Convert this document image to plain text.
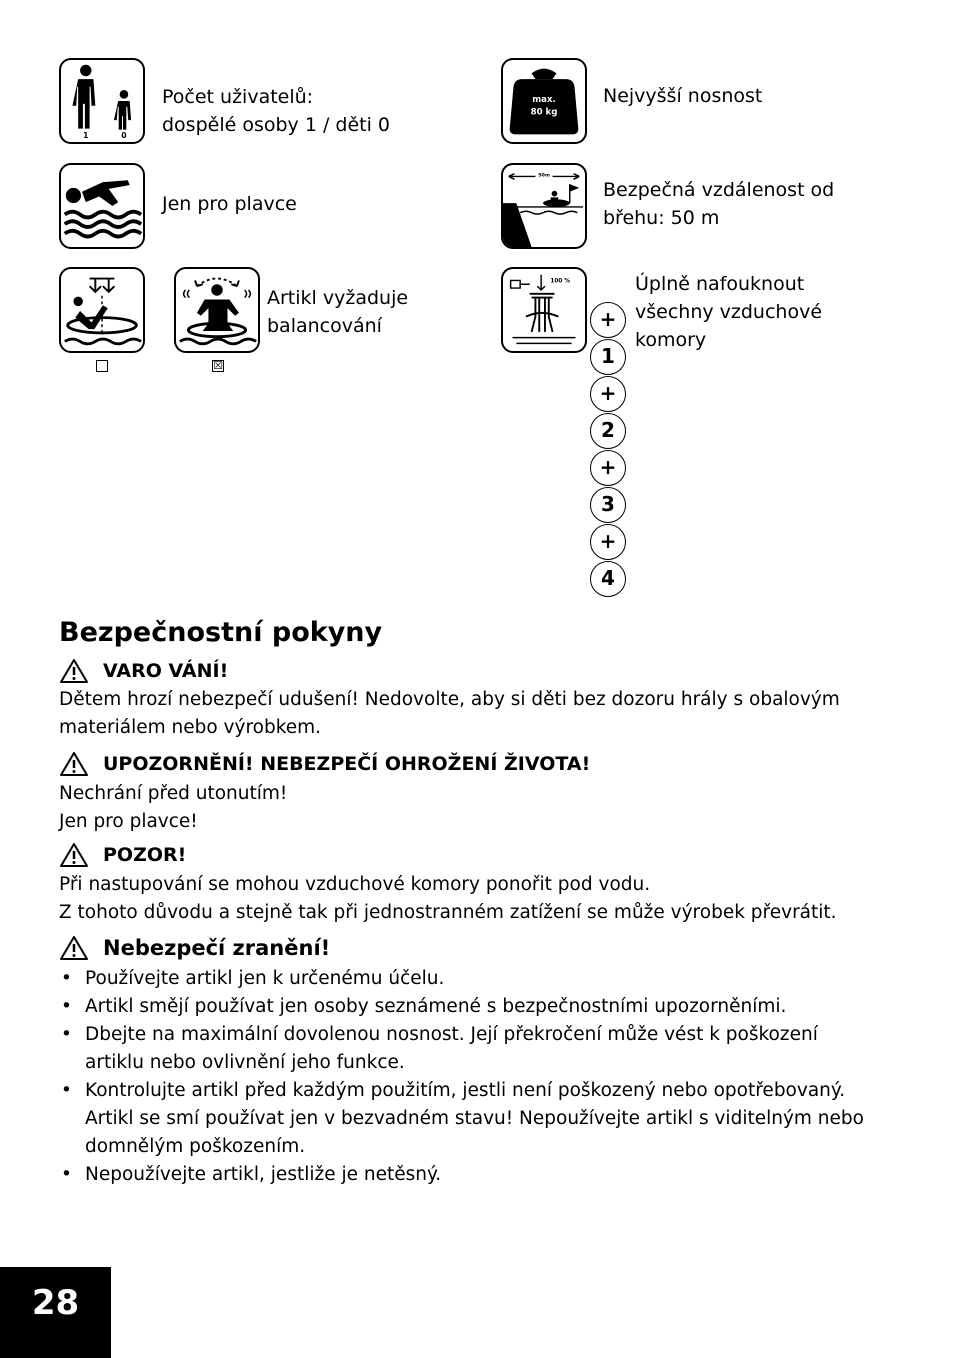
1	0
Počet uživatelů:
dospělé osoby 1 / děti 0
Jen pro plavce
☒
Artikl vyžaduje
balancování
max.
80 kg
Nejvyšší nosnost
50m
Bezpečná vzdálenost od
břehu: 50 m
100 %	Úplně nafouknout
všechny vzduchové
komory
+
1
+
2
+
3
+
4
Bezpečnostní pokyny
VARO VÁNÍ!
Dětem hrozí nebezpečí udušení! Nedovolte, aby si děti bez dozoru hrály s obalovým
materiálem nebo výrobkem.
UPOZORNĚNÍ! NEBEZPEČÍ OHROŽENÍ ŽIVOTA!
Nechrání před utonutím!
Jen pro plavce!
POZOR!
Při nastupování se mohou vzduchové komory ponořit pod vodu.
Z tohoto důvodu a stejně tak při jednostranném zatížení se může výrobek převrátit.
Nebezpečí zranění!
• Používejte artikl jen k určenému účelu.
• Artikl smějí používat jen osoby seznámené s bezpečnostními upozorněními.
• Dbejte na maximální dovolenou nosnost. Její překročení může vést k poškození artiklu nebo ovlivnění jeho funkce.
• Kontrolujte artikl před každým použitím, jestli není poškozený nebo opotřebovaný. Artikl se smí používat jen v bezvadném stavu! Nepoužívejte artikl s viditelným nebo domnělým poškozením.
• Nepoužívejte artikl, jestliže je netěsný.
28
